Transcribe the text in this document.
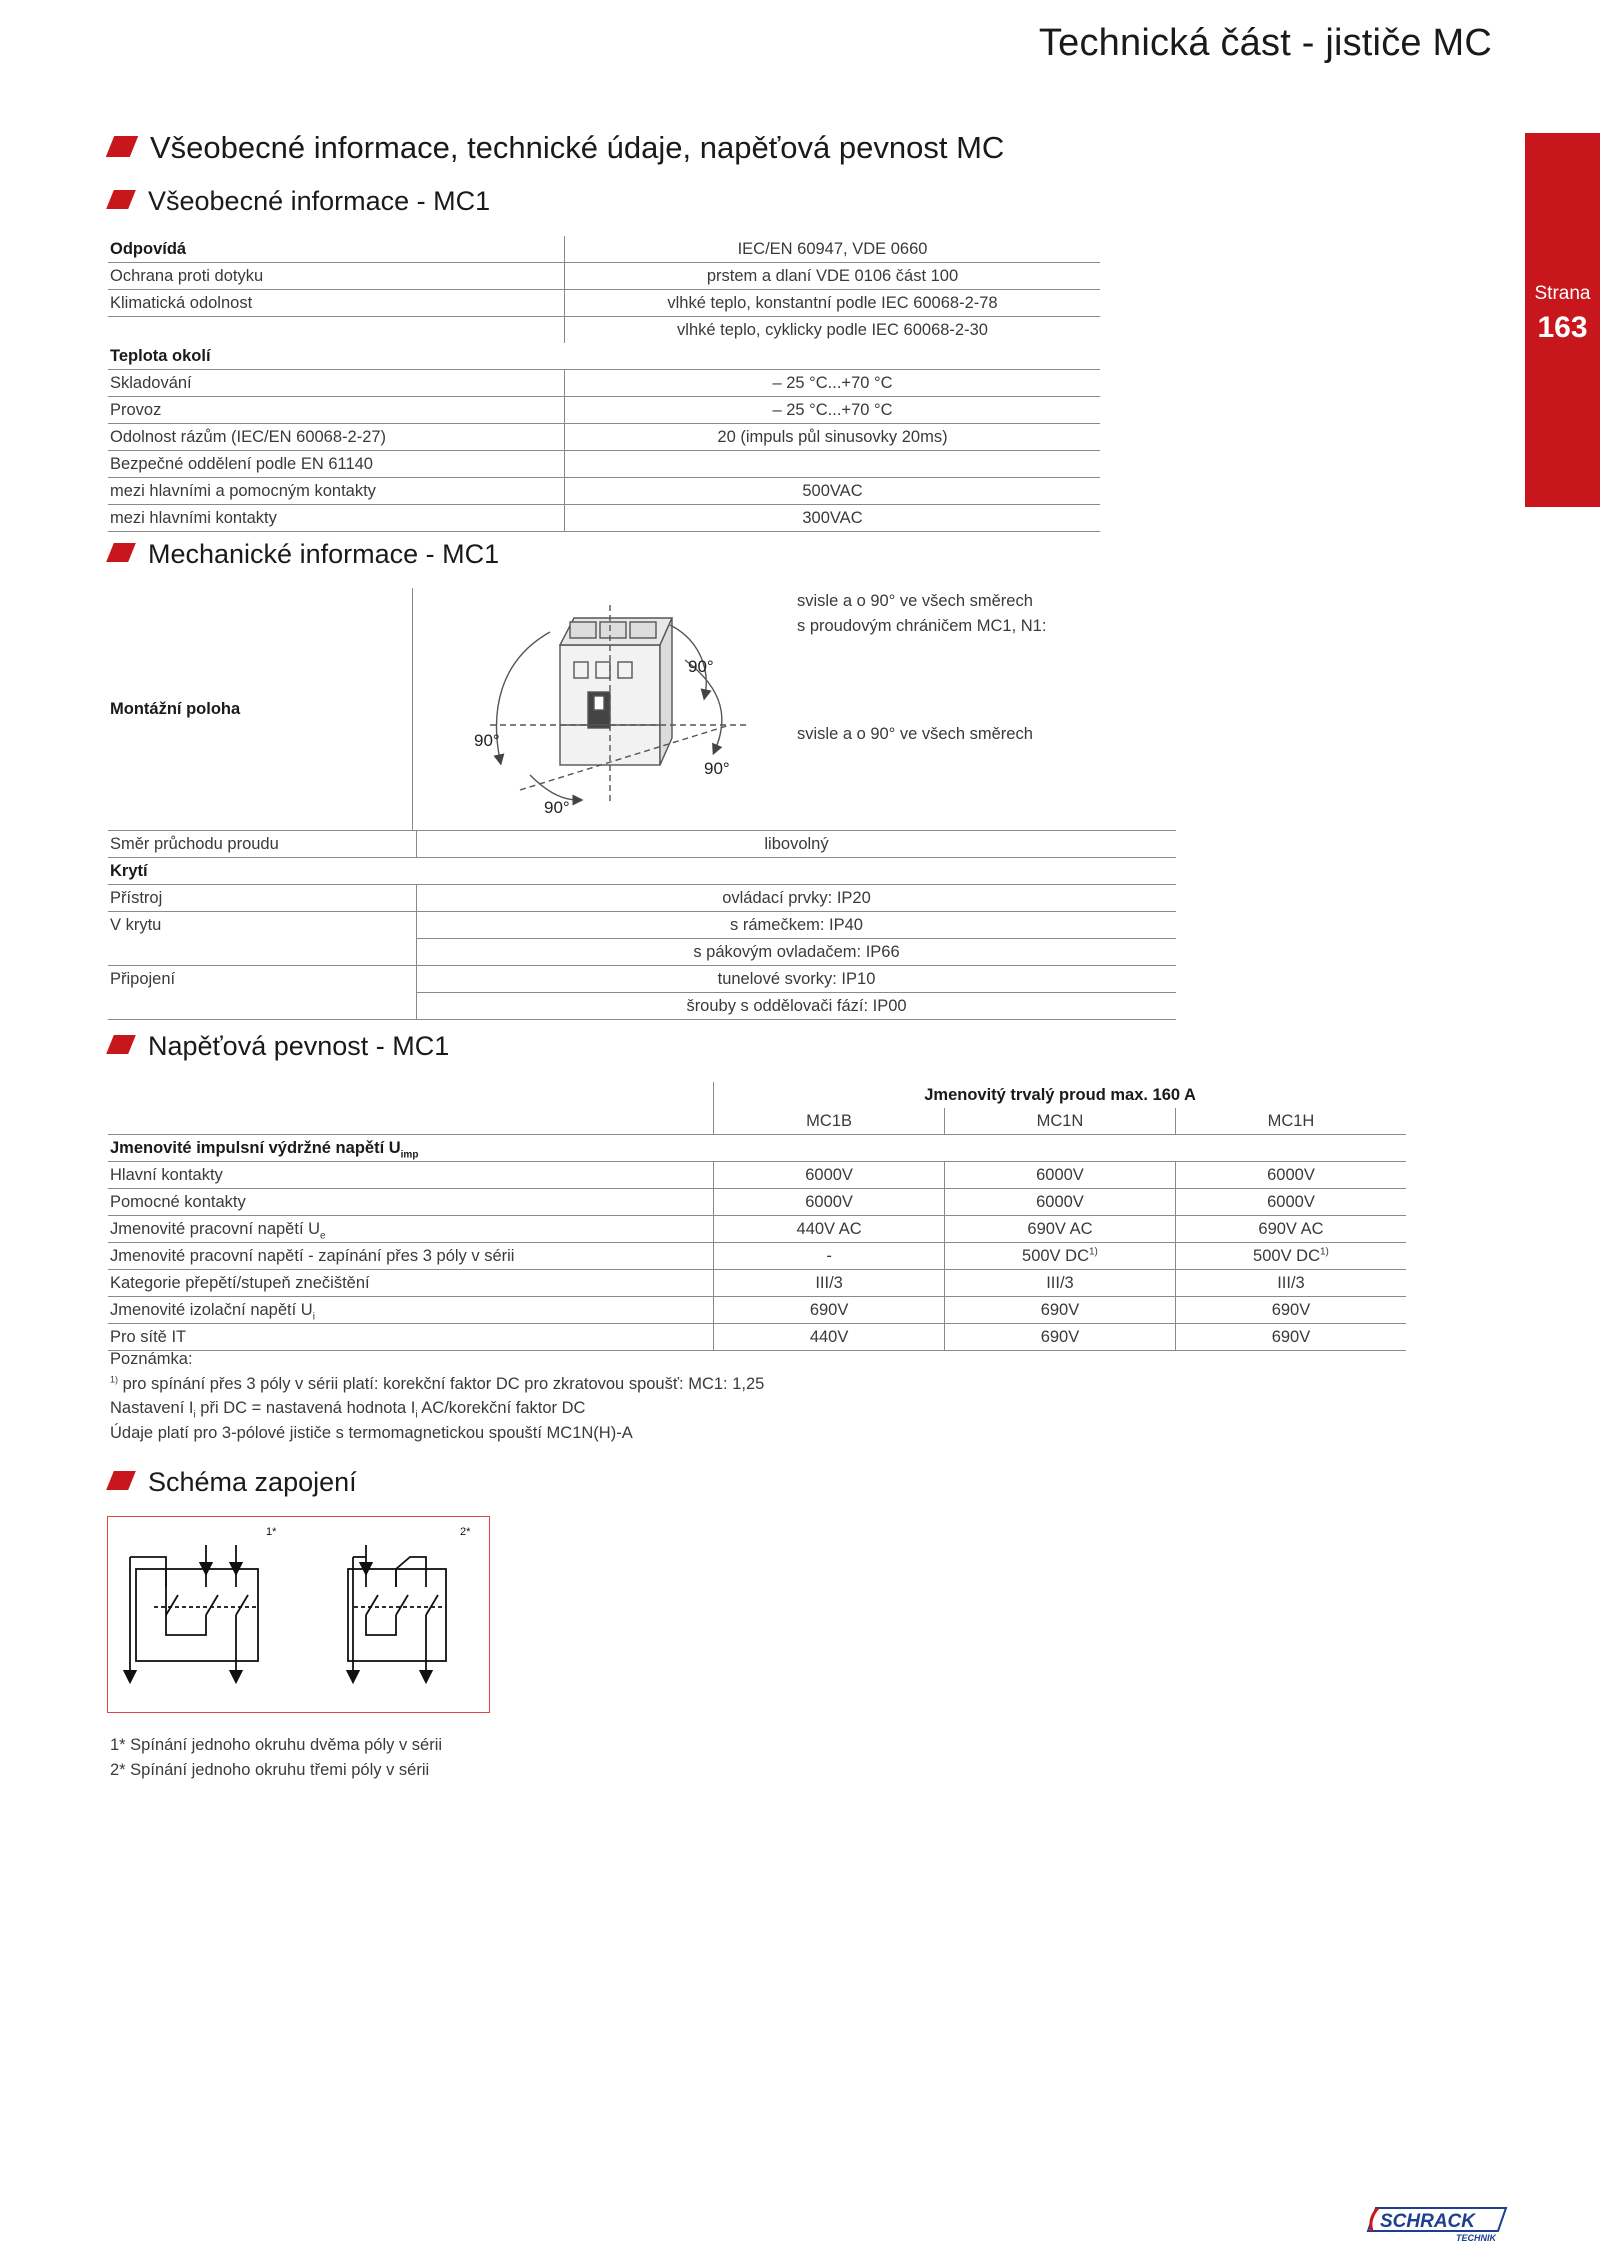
Technická část - jističe MC
Strana
163
Všeobecné informace, technické údaje, napěťová pevnost MC
Všeobecné informace - MC1
Odpovídá	IEC/EN 60947, VDE 0660
Ochrana proti dotyku	prstem a dlaní VDE 0106 část 100
Klimatická odolnost	vlhké teplo, konstantní podle IEC 60068-2-78
	vlhké teplo, cyklicky podle IEC 60068-2-30
Teplota okolí	
Skladování	– 25 °C...+70 °C
Provoz	– 25 °C...+70 °C
Odolnost rázům (IEC/EN 60068-2-27)	20 (impuls půl sinusovky 20ms)
Bezpečné oddělení podle EN 61140	
mezi hlavními a pomocným kontakty	500VAC
mezi hlavními kontakty	300VAC
Mechanické informace - MC1
Montážní poloha
svisle a o 90° ve všech směrech
s proudovým chráničem MC1, N1:
svisle a o 90° ve všech směrech
90°
90°
90°
90°
Směr průchodu proudu	libovolný
Krytí	
Přístroj	ovládací prvky: IP20
V krytu	s rámečkem: IP40
	s pákovým ovladačem: IP66
Připojení	tunelové svorky: IP10
	šrouby s oddělovači fází: IP00
Napěťová pevnost - MC1
	Jmenovitý trvalý proud max. 160 A		
	MC1B	MC1N	MC1H
Jmenovité impulsní výdržné napětí $U_{imp}$			
Hlavní kontakty	6000V	6000V	6000V
Pomocné kontakty	6000V	6000V	6000V
Jmenovité pracovní napětí $U_e$	440V AC	690V AC	690V AC
Jmenovité pracovní napětí - zapínání přes 3 póly v sérii	-	500V DC$^{1)}$	500V DC$^{1)}$
Kategorie přepětí/stupeň znečištění	III/3	III/3	III/3
Jmenovité izolační napětí $U_i$	690V	690V	690V
Pro sítě IT	440V	690V	690V
Poznámka:
$^{1)}$ pro spínání přes 3 póly v sérii platí: korekční faktor DC pro zkratovou spoušť: MC1: 1,25
Nastavení $I_i$ při DC = nastavená hodnota $I_i$ AC/korekční faktor DC
Údaje platí pro 3-pólové jističe s termomagnetickou spouští MC1N(H)-A
Schéma zapojení
1*	2*
1* Spínání jednoho okruhu dvěma póly v sérii
2* Spínání jednoho okruhu třemi póly v sérii
SCHRACK
TECHNIK
